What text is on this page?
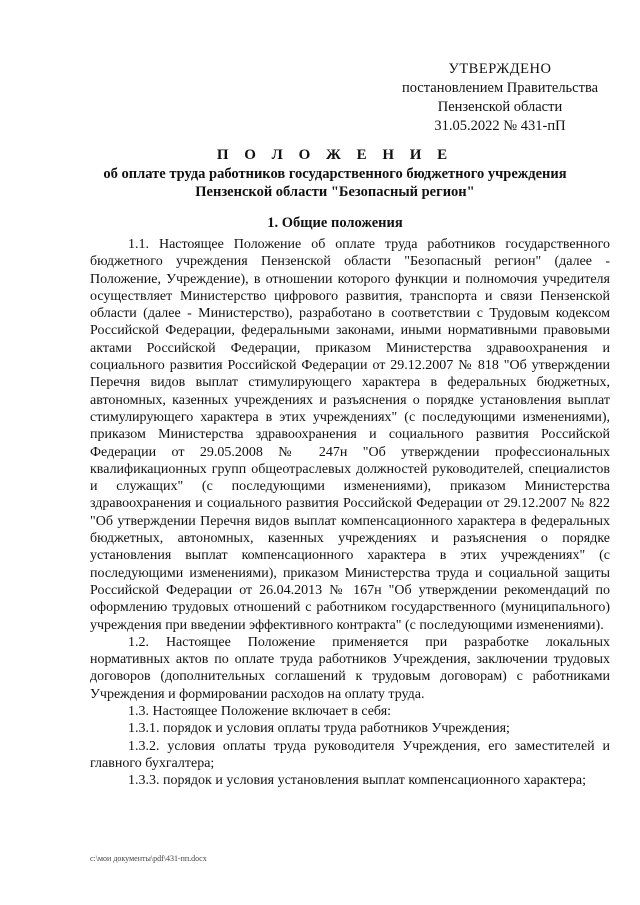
УТВЕРЖДЕНО
постановлением Правительства
Пензенской области
31.05.2022 № 431-пП
П О Л О Ж Е Н И Е
об оплате труда работников государственного бюджетного учреждения
Пензенской области "Безопасный регион"
1. Общие положения

1.1. Настоящее Положение об оплате труда работников государственного бюджетного учреждения Пензенской области "Безопасный регион" (далее - Положение, Учреждение), в отношении которого функции и полномочия учредителя осуществляет Министерство цифрового развития, транспорта и связи Пензенской области (далее - Министерство), разработано в соответствии с Трудовым кодексом Российской Федерации, федеральными законами, иными нормативными правовыми актами Российской Федерации, приказом Министерства здравоохранения и социального развития Российской Федерации от 29.12.2007 № 818 "Об утверждении Перечня видов выплат стимулирующего характера в федеральных бюджетных, автономных, казенных учреждениях и разъяснения о порядке установления выплат стимулирующего характера в этих учреждениях" (с последующими изменениями), приказом Министерства здравоохранения и социального развития Российской Федерации от 29.05.2008 № 247н "Об утверждении профессиональных квалификационных групп общеотраслевых должностей руководителей, специалистов и служащих" (с последующими изменениями), приказом Министерства здравоохранения и социального развития Российской Федерации от 29.12.2007 № 822 "Об утверждении Перечня видов выплат компенсационного характера в федеральных бюджетных, автономных, казенных учреждениях и разъяснения о порядке установления выплат компенсационного характера в этих учреждениях" (с последующими изменениями), приказом Министерства труда и социальной защиты Российской Федерации от 26.04.2013 № 167н "Об утверждении рекомендаций по оформлению трудовых отношений с работником государственного (муниципального) учреждения при введении эффективного контракта" (с последующими изменениями).

1.2. Настоящее Положение применяется при разработке локальных нормативных актов по оплате труда работников Учреждения, заключении трудовых договоров (дополнительных соглашений к трудовым договорам) с работниками Учреждения и формировании расходов на оплату труда.

1.3. Настоящее Положение включает в себя:

1.3.1. порядок и условия оплаты труда работников Учреждения;

1.3.2. условия оплаты труда руководителя Учреждения, его заместителей и главного бухгалтера;

1.3.3. порядок и условия установления выплат компенсационного характера;

c:\мои документы\pdf\431-пп.docx
